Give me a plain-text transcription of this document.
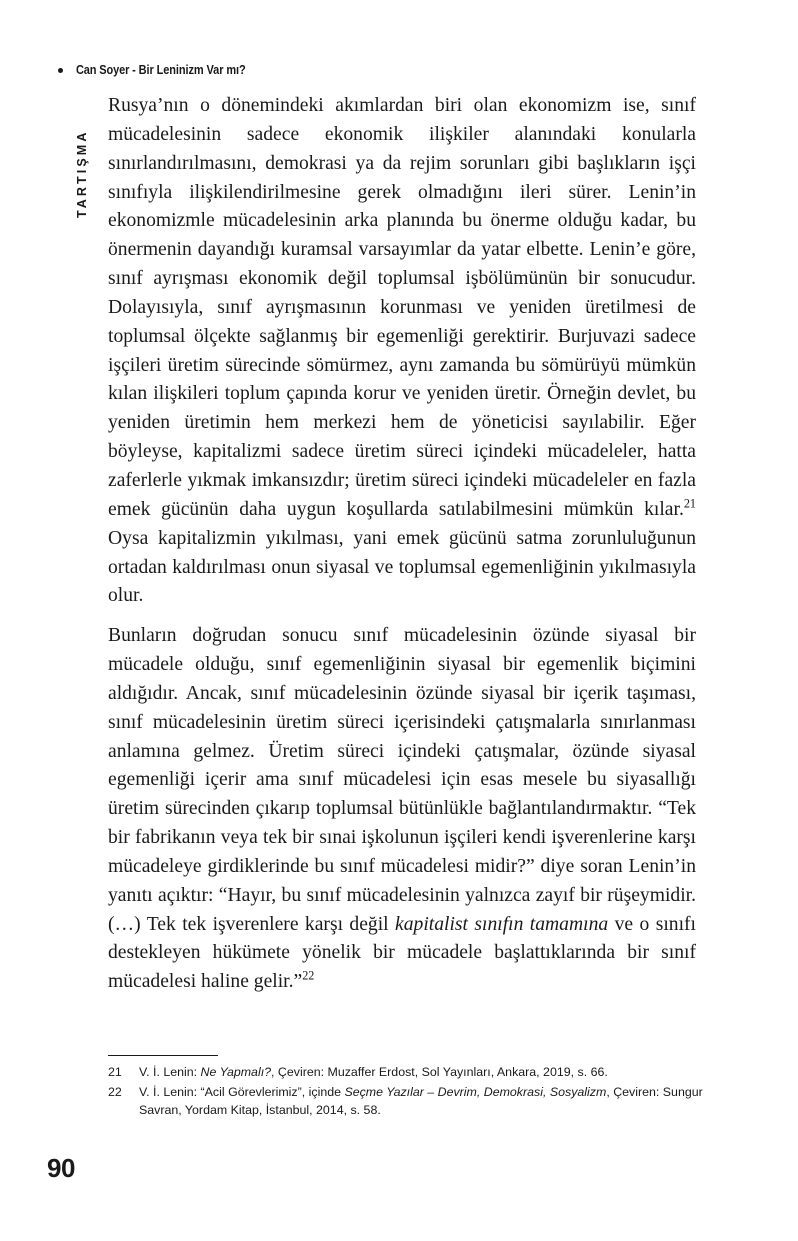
Can Soyer - Bir Leninizm Var mı?
TARTIŞMA

Rusya’nın o dönemindeki akımlardan biri olan ekonomizm ise, sınıf mücadelesinin sadece ekonomik ilişkiler alanındaki konularla sınırlandırılmasını, demokrasi ya da rejim sorunları gibi başlıkların işçi sınıfıyla ilişkilendirilmesine gerek olmadığını ileri sürer. Lenin’in ekonomizmle mücadelesinin arka planında bu önerme olduğu kadar, bu önermenin dayandığı kuramsal varsayımlar da yatar elbette. Lenin’e göre, sınıf ayrışması ekonomik değil toplumsal işbölümünün bir sonucudur. Dolayısıyla, sınıf ayrışmasının korunması ve yeniden üretilmesi de toplumsal ölçekte sağlanmış bir egemenliği gerektirir. Burjuvazi sadece işçileri üretim sürecinde sömürmez, aynı zamanda bu sömürüyü mümkün kılan ilişkileri toplum çapında korur ve yeniden üretir. Örneğin devlet, bu yeniden üretimin hem merkezi hem de yöneticisi sayılabilir. Eğer böyleyse, kapitalizmi sadece üretim süreci içindeki mücadeleler, hatta zaferlerle yıkmak imkansızdır; üretim süreci içindeki mücadeleler en fazla emek gücünün daha uygun koşullarda satılabilmesini mümkün kılar.$^{21}$ Oysa kapitalizmin yıkılması, yani emek gücünü satma zorunluluğunun ortadan kaldırılması onun siyasal ve toplumsal egemenliğinin yıkılmasıyla olur.

Bunların doğrudan sonucu sınıf mücadelesinin özünde siyasal bir mücadele olduğu, sınıf egemenliğinin siyasal bir egemenlik biçimini aldığıdır. Ancak, sınıf mücadelesinin özünde siyasal bir içerik taşıması, sınıf mücadelesinin üretim süreci içerisindeki çatışmalarla sınırlanması anlamına gelmez. Üretim süreci içindeki çatışmalar, özünde siyasal egemenliği içerir ama sınıf mücadelesi için esas mesele bu siyasallığı üretim sürecinden çıkarıp toplumsal bütünlükle bağlantılandırmaktır. “Tek bir fabrikanın veya tek bir sınai işkolunun işçileri kendi işverenlerine karşı mücadeleye girdiklerinde bu sınıf mücadelesi midir?” diye soran Lenin’in yanıtı açıktır: “Hayır, bu sınıf mücadelesinin yalnızca zayıf bir rüşeymidir. (…) Tek tek işverenlere karşı değil kapitalist sınıfın tamamına ve o sınıfı destekleyen hükümete yönelik bir mücadele başlattıklarında bir sınıf mücadelesi haline gelir.”$^{22}$

21	V. İ. Lenin: Ne Yapmalı?, Çeviren: Muzaffer Erdost, Sol Yayınları, Ankara, 2019, s. 66.
22	V. İ. Lenin: “Acil Görevlerimiz”, içinde Seçme Yazılar – Devrim, Demokrasi, Sosyalizm, Çeviren: Sungur Savran, Yordam Kitap, İstanbul, 2014, s. 58.
90
